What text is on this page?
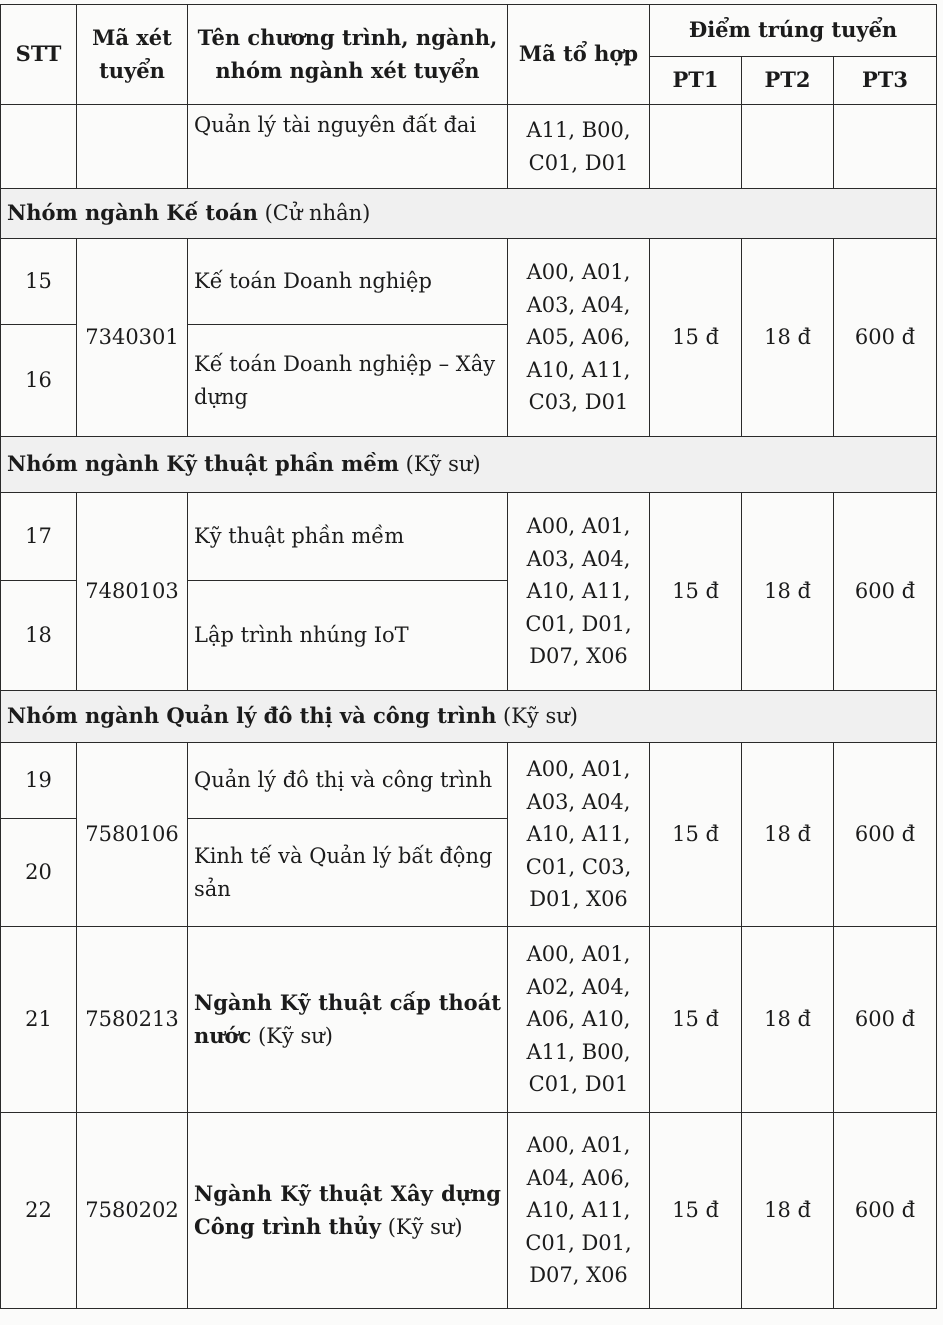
STT	Mã xét tuyển	Tên chương trình, ngành, nhóm ngành xét tuyển	Mã tổ hợp	Điểm trúng tuyển		
				PT1	PT2	PT3
		Quản lý tài nguyên đất đai	A11, B00, C01, D01			
Nhóm ngành Kế toán (Cử nhân)						
15	7340301	Kế toán Doanh nghiệp	A00, A01, A03, A04, A05, A06, A10, A11, C03, D01	15 đ	18 đ	600 đ
16		Kế toán Doanh nghiệp – Xây dựng				
Nhóm ngành Kỹ thuật phần mềm (Kỹ sư)						
17	7480103	Kỹ thuật phần mềm	A00, A01, A03, A04, A10, A11, C01, D01, D07, X06	15 đ	18 đ	600 đ
18		Lập trình nhúng IoT				
Nhóm ngành Quản lý đô thị và công trình (Kỹ sư)						
19	7580106	Quản lý đô thị và công trình	A00, A01, A03, A04, A10, A11, C01, C03, D01, X06	15 đ	18 đ	600 đ
20		Kinh tế và Quản lý bất động sản				
21	7580213	Ngành Kỹ thuật cấp thoát nước (Kỹ sư)	A00, A01, A02, A04, A06, A10, A11, B00, C01, D01	15 đ	18 đ	600 đ
22	7580202	Ngành Kỹ thuật Xây dựng Công trình thủy (Kỹ sư)	A00, A01, A04, A06, A10, A11, C01, D01, D07, X06	15 đ	18 đ	600 đ
